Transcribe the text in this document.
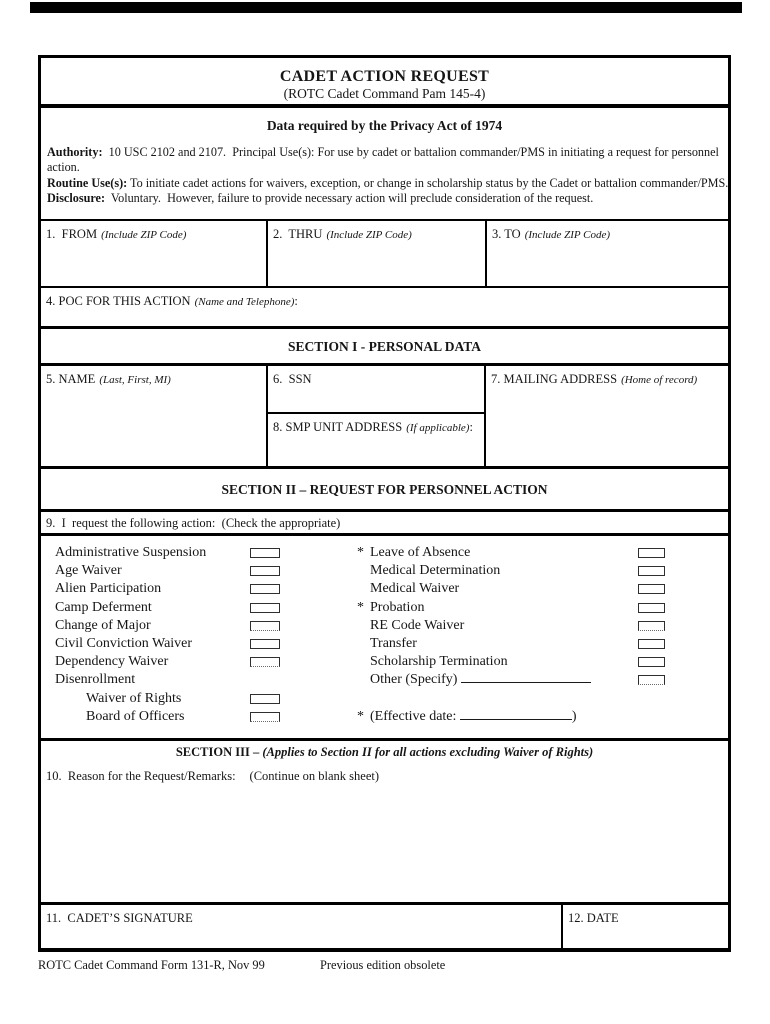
CADET ACTION REQUEST
(ROTC Cadet Command Pam 145-4)
Data required by the Privacy Act of 1974
Authority:  10 USC 2102 and 2107.  Principal Use(s): For use by cadet or battalion commander/PMS in initiating a request for personnel
action.
Routine Use(s): To initiate cadet actions for waivers, exception, or change in scholarship status by the Cadet or battalion commander/PMS.
Disclosure:  Voluntary.  However, failure to provide necessary action will preclude consideration of the request.
1.  FROM (Include ZIP Code)	2.  THRU (Include ZIP Code)	3. TO (Include ZIP Code)
4. POC FOR THIS ACTION (Name and Telephone):
SECTION I - PERSONAL DATA
5. NAME (Last, First, MI)	6.  SSN
8. SMP UNIT ADDRESS (If applicable):
7. MAILING ADDRESS (Home of record)
SECTION II – REQUEST FOR PERSONNEL ACTION
9.  I  request the following action:  (Check the appropriate)
Administrative Suspension
Age Waiver
Alien Participation
Camp Deferment
Change of Major
Civil Conviction Waiver
Dependency Waiver
Disenrollment
Waiver of Rights
Board of Officers
* Leave of Absence
Medical Determination
Medical Waiver
* Probation
RE Code Waiver
Transfer
Scholarship Termination
Other (Specify)
* (Effective date:	)
SECTION III – (Applies to Section II for all actions excluding Waiver of Rights)
10.  Reason for the Request/Remarks: (Continue on blank sheet)
11.  CADET’S SIGNATURE	12. DATE
ROTC Cadet Command Form 131-R, Nov 99	Previous edition obsolete
